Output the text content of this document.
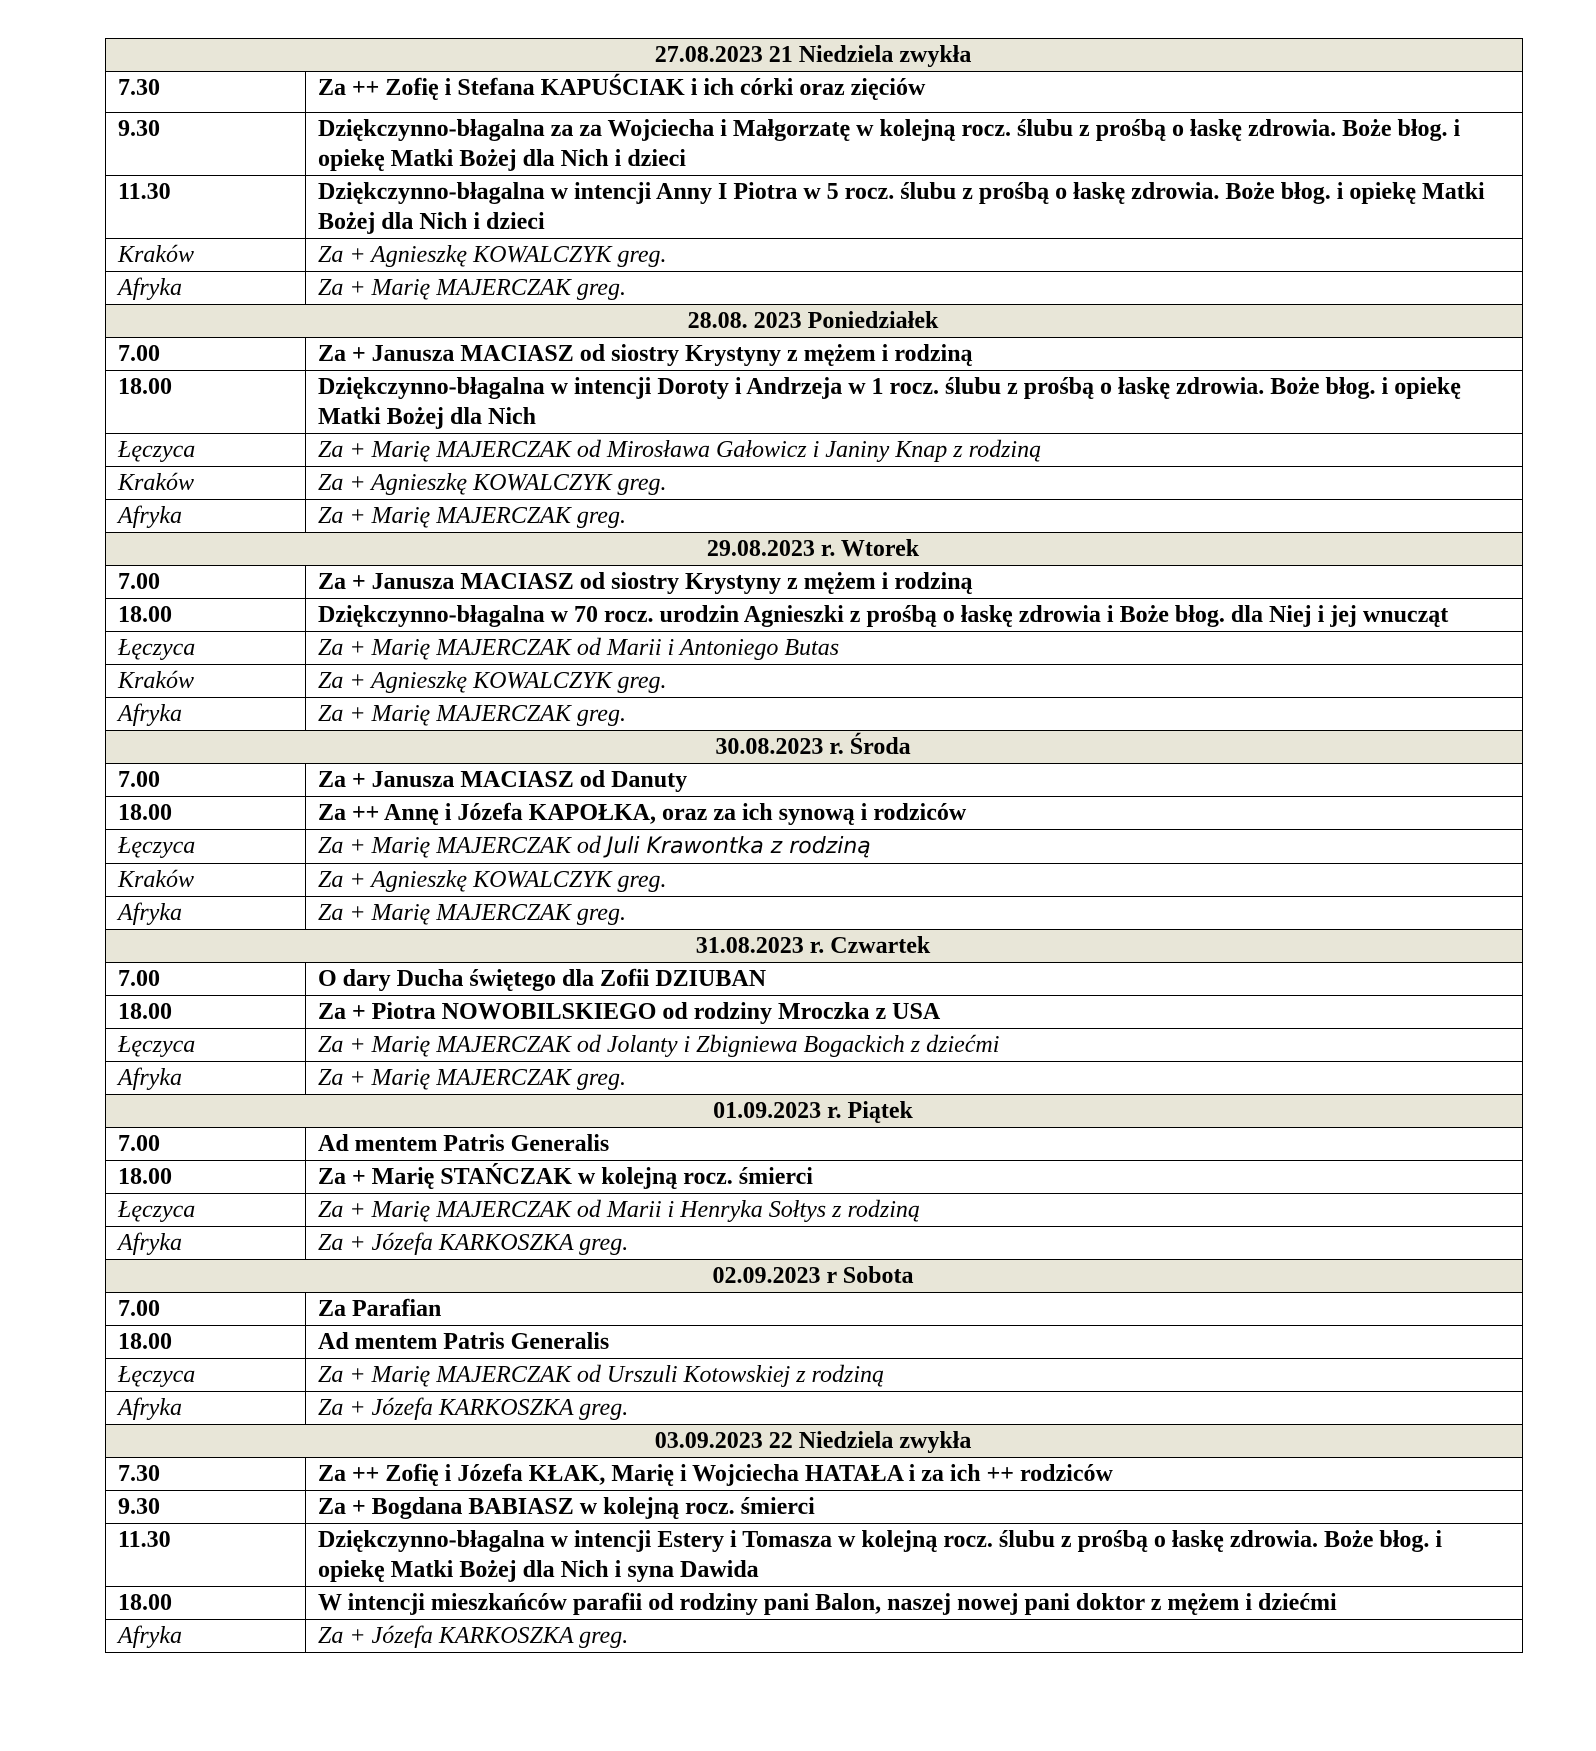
27.08.2023 21 Niedziela zwykła	
7.30	Za ++ Zofię i Stefana KAPUŚCIAK i ich córki oraz zięciów
9.30	Dziękczynno-błagalna za za Wojciecha i Małgorzatę w kolejną rocz. ślubu z prośbą o łaskę zdrowia. Boże błog. i opiekę Matki Bożej dla Nich i dzieci
11.30	Dziękczynno-błagalna w intencji Anny I Piotra w 5 rocz. ślubu z prośbą o łaskę zdrowia. Boże błog. i opiekę Matki Bożej dla Nich i dzieci
Kraków	Za + Agnieszkę KOWALCZYK greg.
Afryka	Za + Marię MAJERCZAK greg.
28.08. 2023 Poniedziałek	
7.00	Za + Janusza MACIASZ od siostry Krystyny z mężem i rodziną
18.00	Dziękczynno-błagalna w intencji Doroty i Andrzeja w 1 rocz. ślubu z prośbą o łaskę zdrowia. Boże błog. i opiekę Matki Bożej dla Nich
Łęczyca	Za + Marię MAJERCZAK od Mirosława Gałowicz i Janiny Knap z rodziną
Kraków	Za + Agnieszkę KOWALCZYK greg.
Afryka	Za + Marię MAJERCZAK greg.
29.08.2023 r. Wtorek	
7.00	Za + Janusza MACIASZ od siostry Krystyny z mężem i rodziną
18.00	Dziękczynno-błagalna w 70 rocz. urodzin Agnieszki z prośbą o łaskę zdrowia i Boże błog. dla Niej i jej wnucząt
Łęczyca	Za + Marię MAJERCZAK od Marii i Antoniego Butas
Kraków	Za + Agnieszkę KOWALCZYK greg.
Afryka	Za + Marię MAJERCZAK greg.
30.08.2023 r. Środa	
7.00	Za + Janusza MACIASZ od Danuty
18.00	Za ++ Annę i Józefa KAPOŁKA, oraz za ich synową i rodziców
Łęczyca	Za + Marię MAJERCZAK od Juli Krawontka z rodziną
Kraków	Za + Agnieszkę KOWALCZYK greg.
Afryka	Za + Marię MAJERCZAK greg.
31.08.2023 r. Czwartek	
7.00	O dary Ducha świętego dla Zofii DZIUBAN
18.00	Za + Piotra NOWOBILSKIEGO od rodziny Mroczka z USA
Łęczyca	Za + Marię MAJERCZAK od Jolanty i Zbigniewa Bogackich z dziećmi
Afryka	Za + Marię MAJERCZAK greg.
01.09.2023 r. Piątek	
7.00	Ad mentem Patris Generalis
18.00	Za + Marię STAŃCZAK w kolejną rocz. śmierci
Łęczyca	Za + Marię MAJERCZAK od Marii i Henryka Sołtys z rodziną
Afryka	Za + Józefa KARKOSZKA greg.
02.09.2023 r Sobota	
7.00	Za Parafian
18.00	Ad mentem Patris Generalis
Łęczyca	Za + Marię MAJERCZAK od Urszuli Kotowskiej z rodziną
Afryka	Za + Józefa KARKOSZKA greg.
03.09.2023 22 Niedziela zwykła	
7.30	Za ++ Zofię i Józefa KŁAK, Marię i Wojciecha HATAŁA i za ich ++ rodziców
9.30	Za + Bogdana BABIASZ w kolejną rocz. śmierci
11.30	Dziękczynno-błagalna w intencji Estery i Tomasza w kolejną rocz. ślubu z prośbą o łaskę zdrowia. Boże błog. i opiekę Matki Bożej dla Nich i syna Dawida
18.00	W intencji mieszkańców parafii od rodziny pani Balon, naszej nowej pani doktor z mężem i dziećmi
Afryka	Za + Józefa KARKOSZKA greg.
